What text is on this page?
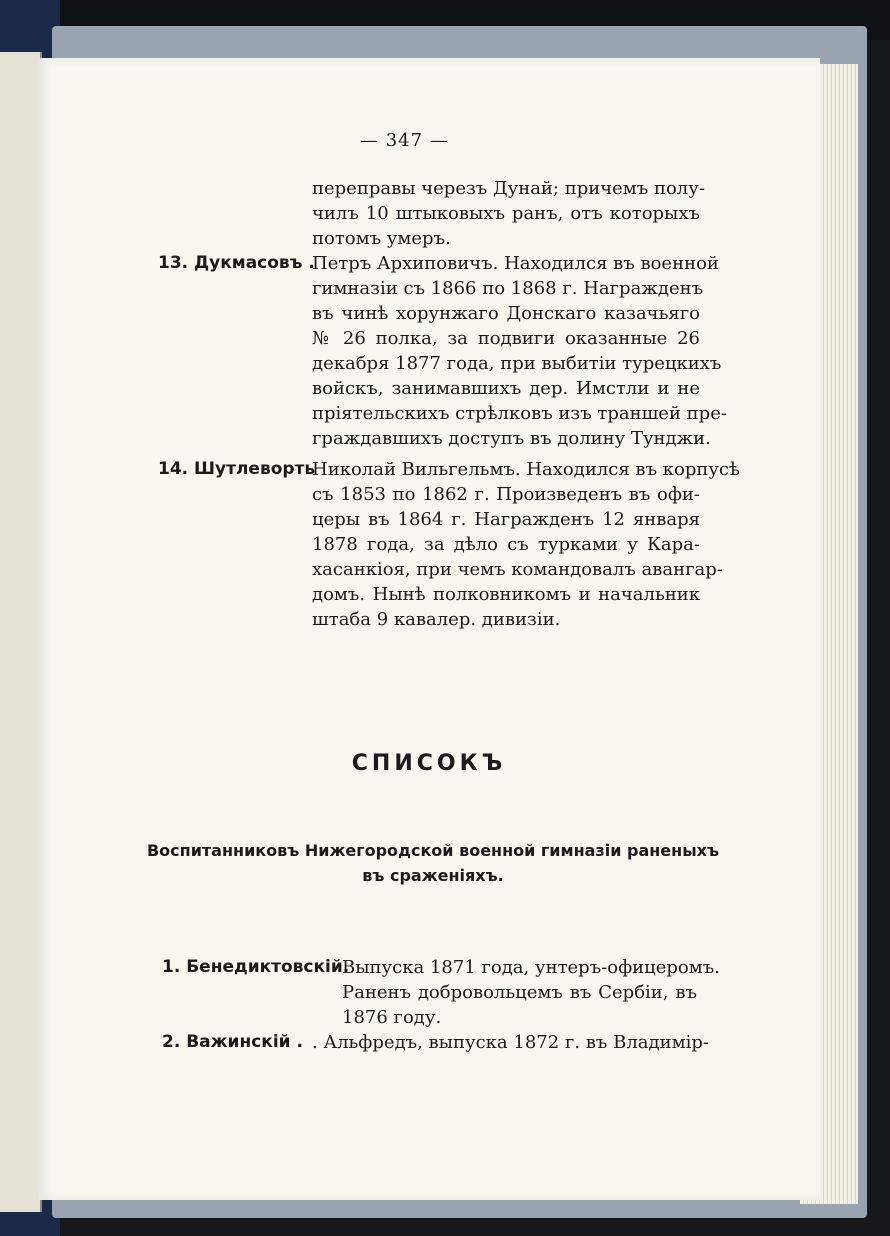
— 347 —
переправы черезъ Дунай; причемъ полу-
чилъ 10 штыковыхъ ранъ, отъ которыхъ
потомъ умеръ.
13. Дукмасовъ .
Петръ Архиповичъ. Находился въ военной
гимназіи съ 1866 по 1868 г. Награжденъ
въ чинѣ хорунжаго Донскаго казачьяго
№ 26 полка, за подвиги оказанные 26
декабря 1877 года, при выбитіи турецкихъ
войскъ, занимавшихъ дер. Имстли и не
пріятельскихъ стрѣлковъ изъ траншей пре-
граждавшихъ доступъ въ долину Тунджи.
14. Шутлеворть
Николай Вильгельмъ. Находился въ корпусѣ
съ 1853 по 1862 г. Произведенъ въ офи-
церы въ 1864 г. Награжденъ 12 января
1878 года, за дѣло съ турками у Кара-
хасанкіоя, при чемъ командовалъ авангар-
домъ. Нынѣ полковникомъ и начальник
штаба 9 кавалер. дивизіи.
СПИСОКЪ
Воспитанниковъ Нижегородской военной гимназіи раненыхъ
въ сраженіяхъ.
1. Бенедиктовскій.
Выпуска 1871 года, унтеръ-офицеромъ.
Раненъ добровольцемъ въ Сербіи, въ
1876 году.
2. Важинскій . . Альфредъ, выпуска 1872 г. въ Владимір-
